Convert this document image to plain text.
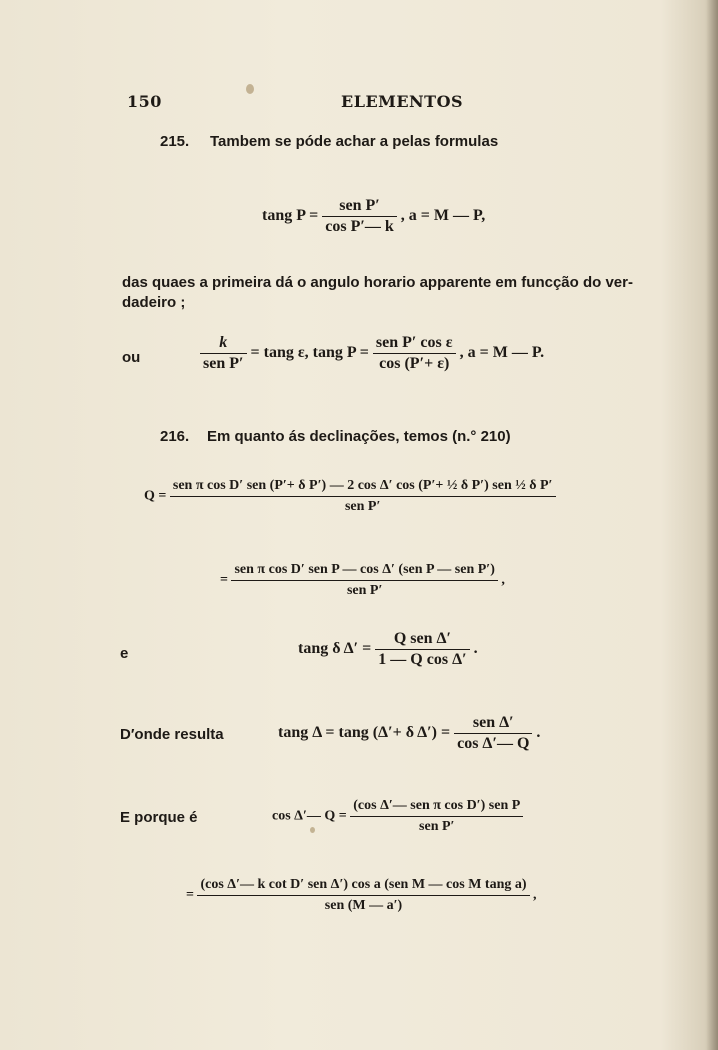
150	ELEMENTOS
215. Tambem se póde achar a pelas formulas
tang $P = \frac{\text{sen P′}}{\text{cos P′— k}}$ , a = M — P,
das quaes a primeira dá o angulo horario apparente em funcção do ver-
dadeiro ;
ou	$\frac{k}{\text{sen P′}} = \tan g$ ε, tang $P = \frac{\text{sen P′ cos ε}}{\cos (P'+ \varepsilon)}$ , a = M — P.
216. Em quanto ás declinações, temos (n.° 210)
Q =
sen π cos D′ sen (P′+ δ P′) — 2 cos Δ′ cos (P′+ ½ δ P′) sen ½ δ P′
sen P′
= $\frac{\text{sen π cos D′ sen P — cos Δ′ (sen P — sen P′)}}{\text{sen P′}}$ ,
e	tang δ $\Delta' = \frac{\text{Q sen Δ′}}{\text{1 — Q cos Δ′}}$ .
D′onde resulta	tang Δ = tang (Δ′+ δ $\Delta') = \frac{\text{sen Δ′}}{\text{cos Δ′— Q}}$ .
E porque é	cos Δ′— $Q = \frac{\text{(cos Δ′— sen π cos D′) sen P}}{\text{sen P′}}$
= $\frac{\text{(cos Δ′— k cot D′ sen Δ′) cos a (sen M — cos M tang a)}}{\text{sen (M — a′)}}$ ,
